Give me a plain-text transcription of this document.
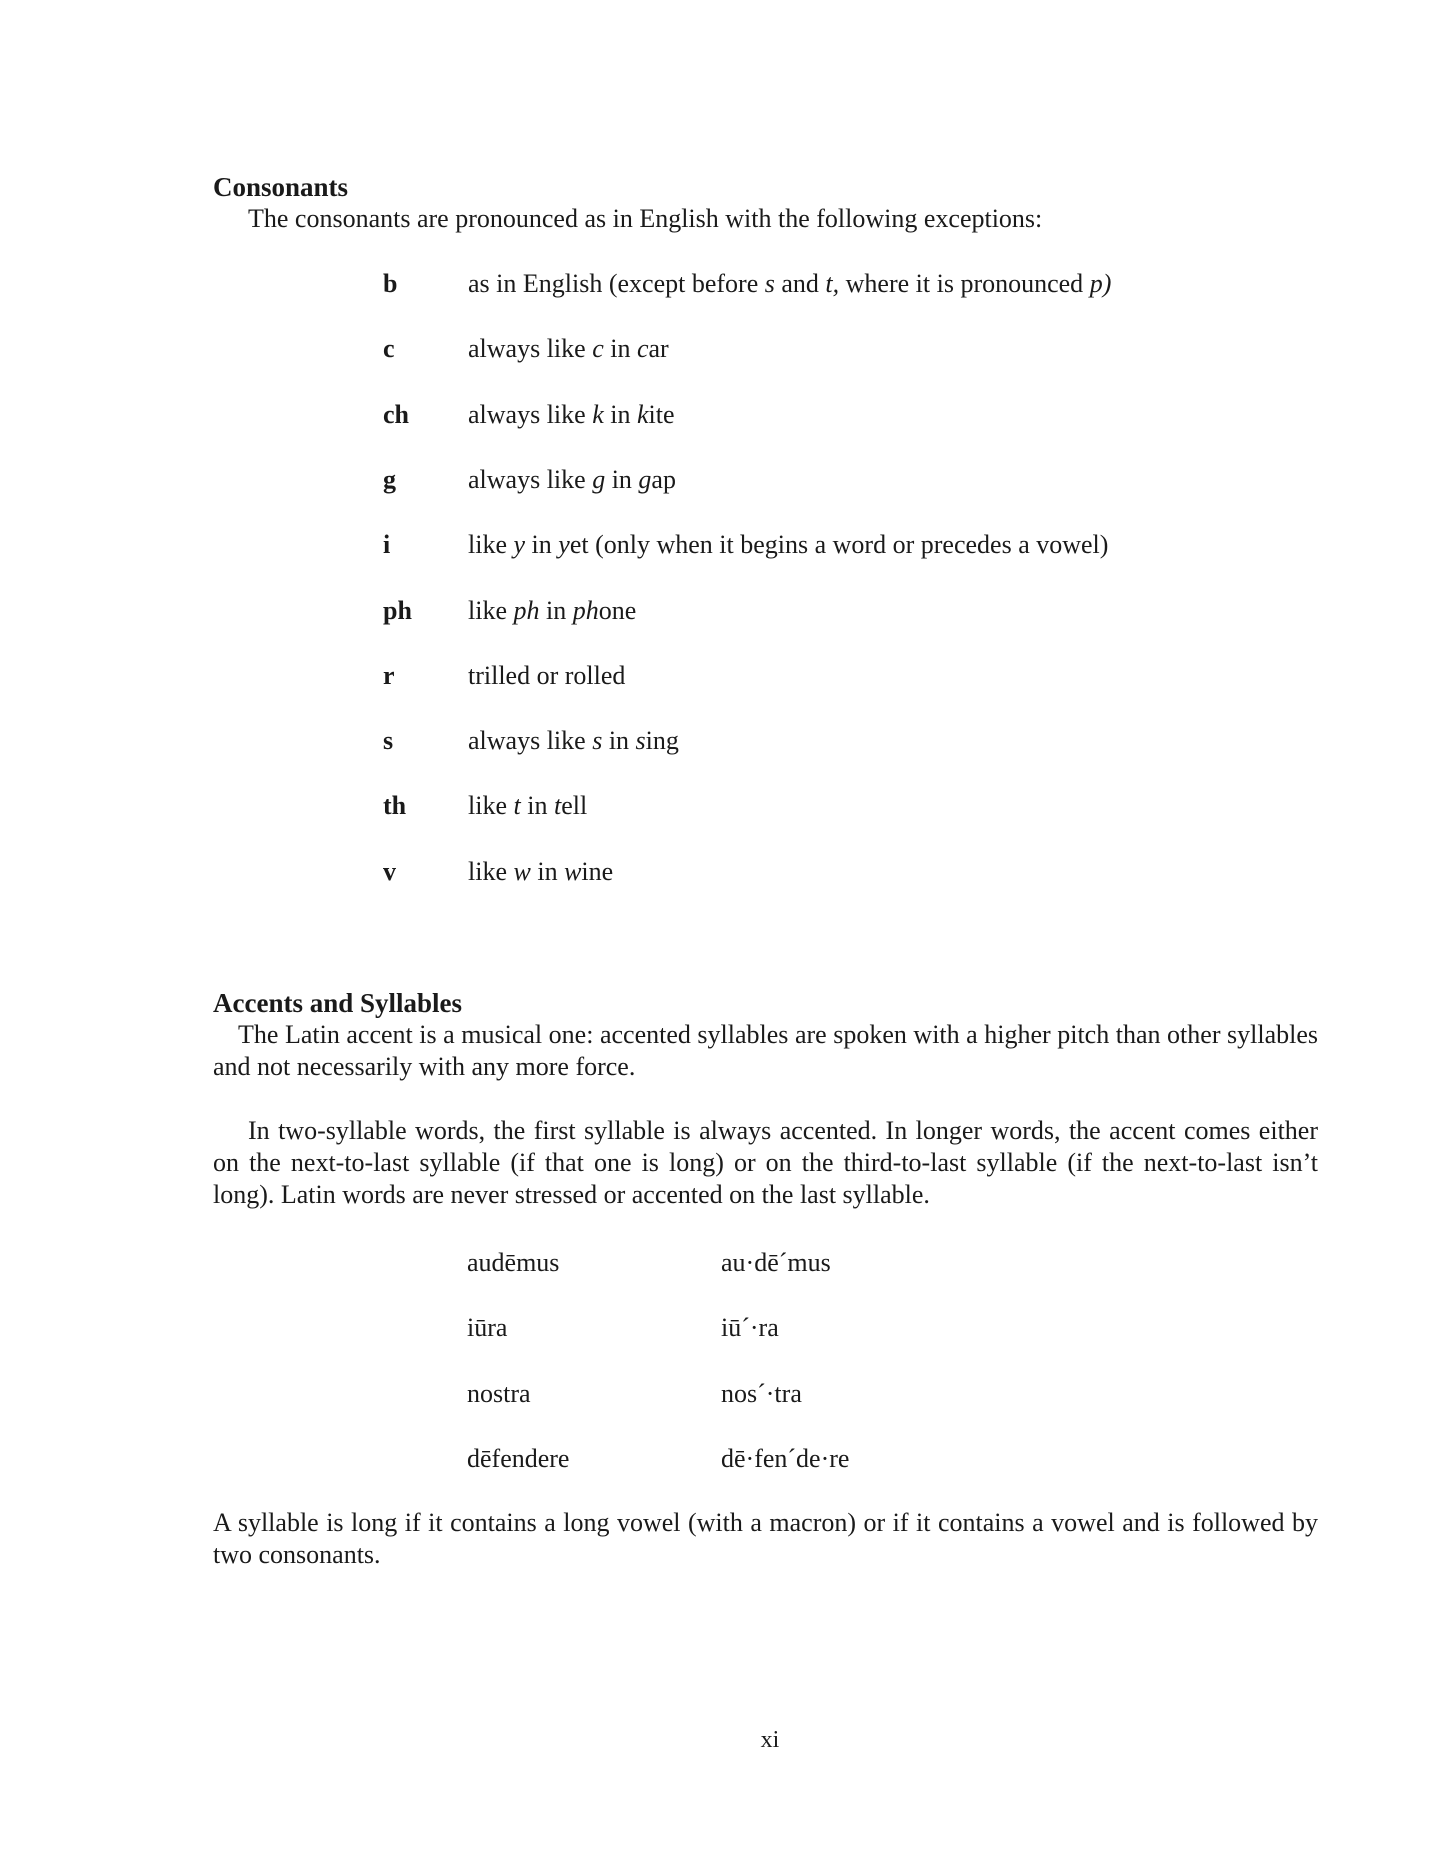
Consonants
The consonants are pronounced as in English with the following exceptions:
b	as in English (except before s and t, where it is pronounced p)
c	always like c in car
ch always like k in kite
g	always like g in gap
i	like y in yet (only when it begins a word or precedes a vowel)
ph like ph in phone
r	trilled or rolled
s	always like s in sing
th like t in tell
v	like w in wine
Accents and Syllables
The Latin accent is a musical one: accented syllables are spoken with a higher pitch than other syllables and not necessarily with any more force.
In two-syllable words, the first syllable is always accented. In longer words, the accent comes either on the next-to-last syllable (if that one is long) or on the third-to-last syllable (if the next-to-last isn’t long). Latin words are never stressed or accented on the last syllable.
audēmus	au·dē´mus
iūra	iū´·ra
nostra	nos´·tra
dēfendere	dē·fen´de·re
A syllable is long if it contains a long vowel (with a macron) or if it contains a vowel and is followed by two consonants.
xi
